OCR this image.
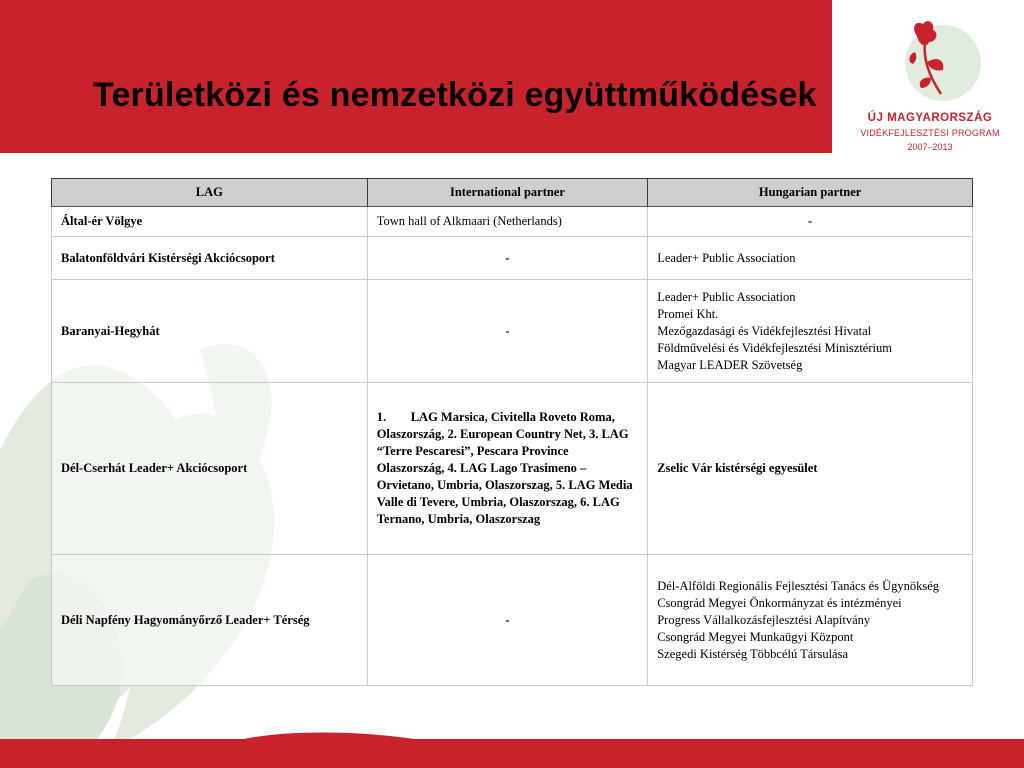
Területközi és nemzetközi együttműködések
ÚJ MAGYARORSZÁG
VIDÉKFEJLESZTÉSI PROGRAM
2007–2013
LAG	International partner	Hungarian partner
Által-ér Völgye	Town hall of Alkmaari (Netherlands)	-
Balatonföldvári Kistérségi Akciócsoport	-	Leader+ Public Association
Baranyai-Hegyhát	-	Leader+ Public Association
Promei Kht.
Mezőgazdasági és Vidékfejlesztési Hivatal
Földművelési és Vidékfejlesztési Minisztérium
Magyar LEADER Szövetség

Dél-Cserhát Leader+ Akciócsoport	1. LAG Marsica, Civitella Roveto Roma, Olaszország, 2. European Country Net, 3. LAG “Terre Pescaresi”, Pescara Province Olaszország, 4. LAG Lago Trasimeno – Orvietano, Umbria, Olaszorszag, 5. LAG Media Valle di Tevere, Umbria, Olaszorszag, 6. LAG Ternano, Umbria, Olaszorszag	Zselic Vár kistérségi egyesület
Déli Napfény Hagyományőrző Leader+ Térség	-	Dél-Alföldi Regionális Fejlesztési Tanács és Ügynökség
Csongrád Megyei Önkormányzat és intézményei
Progress Vállalkozásfejlesztési Alapítvány
Csongrád Megyei Munkaügyi Központ
Szegedi Kistérség Többcélú Társulása
